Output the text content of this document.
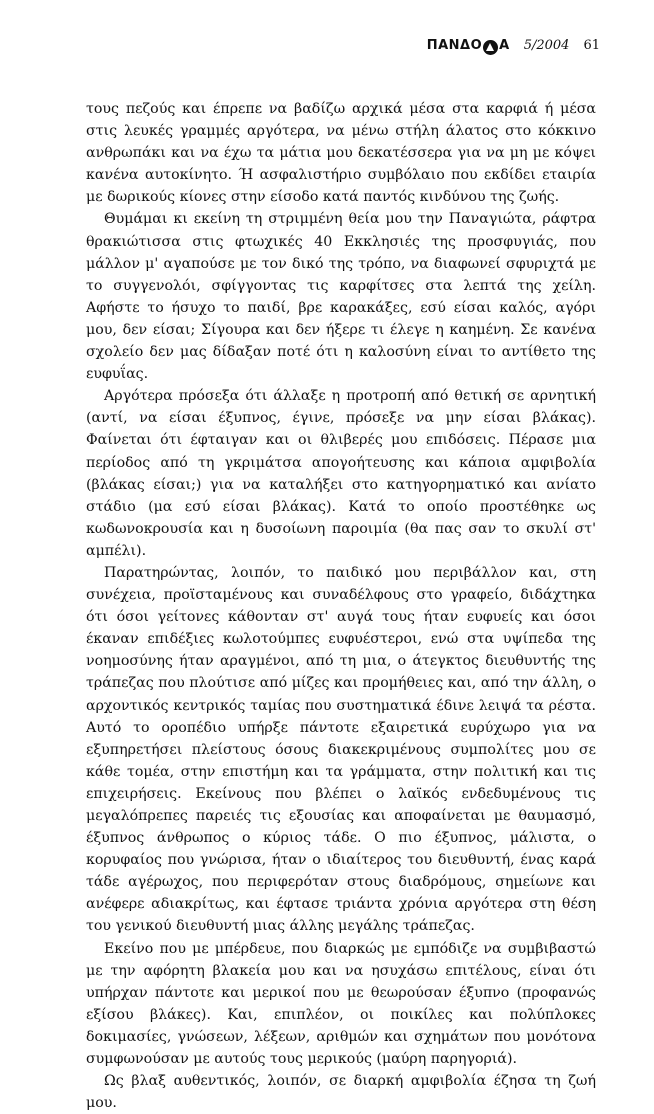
ΠΑΝΔΟ Α 5/2004 61

τους πεζούς και έπρεπε να βαδίζω αρχικά μέσα στα καρφιά ή μέσα στις λευκές γραμμές αργότερα, να μένω στήλη άλατος στο κόκκινο ανθρωπάκι και να έχω τα μάτια μου δεκατέσσερα για να μη με κόψει κανένα αυτοκίνητο. Ή ασφαλιστήριο συμβόλαιο που εκδίδει εταιρία με δωρικούς κίονες στην είσοδο κατά παντός κινδύνου της ζωής.

Θυμάμαι κι εκείνη τη στριμμένη θεία μου την Παναγιώτα, ράφτρα θρακιώτισσα στις φτωχικές 40 Εκκλησιές της προσφυγιάς, που μάλλον μ' αγαπούσε με τον δικό της τρόπο, να διαφωνεί σφυριχτά με το συγγενολόι, σφίγγοντας τις καρφίτσες στα λεπτά της χείλη. Αφήστε το ήσυχο το παιδί, βρε καρακάξες, εσύ είσαι καλός, αγόρι μου, δεν είσαι; Σίγουρα και δεν ήξερε τι έλεγε η καημένη. Σε κανένα σχολείο δεν μας δίδαξαν ποτέ ότι η καλοσύνη είναι το αντίθετο της ευφυΐας.

Αργότερα πρόσεξα ότι άλλαξε η προτροπή από θετική σε αρνητική (αντί, να είσαι έξυπνος, έγινε, πρόσεξε να μην είσαι βλάκας). Φαίνεται ότι έφταιγαν και οι θλιβερές μου επιδόσεις. Πέρασε μια περίοδος από τη γκριμάτσα απογοήτευσης και κάποια αμφιβολία (βλάκας είσαι;) για να καταλήξει στο κατηγορηματικό και ανίατο στάδιο (μα εσύ είσαι βλάκας). Κατά το οποίο προστέθηκε ως κωδωνοκρουσία και η δυσοίωνη παροιμία (θα πας σαν το σκυλί στ' αμπέλι).

Παρατηρώντας, λοιπόν, το παιδικό μου περιβάλλον και, στη συνέχεια, προϊσταμένους και συναδέλφους στο γραφείο, διδάχτηκα ότι όσοι γείτονες κάθονταν στ' αυγά τους ήταν ευφυείς και όσοι έκαναν επιδέξιες κωλοτούμπες ευφυέστεροι, ενώ στα υψίπεδα της νοημοσύνης ήταν αραγμένοι, από τη μια, ο άτεγκτος διευθυντής της τράπεζας που πλούτισε από μίζες και προμήθειες και, από την άλλη, ο αρχοντικός κεντρικός ταμίας που συστηματικά έδινε λειψά τα ρέστα. Αυτό το οροπέδιο υπήρξε πάντοτε εξαιρετικά ευρύχωρο για να εξυπηρετήσει πλείστους όσους διακεκριμένους συμπολίτες μου σε κάθε τομέα, στην επιστήμη και τα γράμματα, στην πολιτική και τις επιχειρήσεις. Εκείνους που βλέπει ο λαϊκός ενδεδυμένους τις μεγαλόπρεπες παρειές τις εξουσίας και αποφαίνεται με θαυμασμό, έξυπνος άνθρωπος ο κύριος τάδε. Ο πιο έξυπνος, μάλιστα, ο κορυφαίος που γνώρισα, ήταν ο ιδιαίτερος του διευθυντή, ένας καρά τάδε αγέρωχος, που περιφερόταν στους διαδρόμους, σημείωνε και ανέφερε αδιακρίτως, και έφτασε τριάντα χρόνια αργότερα στη θέση του γενικού διευθυντή μιας άλλης μεγάλης τράπεζας.

Εκείνο που με μπέρδευε, που διαρκώς με εμπόδιζε να συμβιβαστώ με την αφόρητη βλακεία μου και να ησυχάσω επιτέλους, είναι ότι υπήρχαν πάντοτε και μερικοί που με θεωρούσαν έξυπνο (προφανώς εξίσου βλάκες). Και, επιπλέον, οι ποικίλες και πολύπλοκες δοκιμασίες, γνώσεων, λέξεων, αριθμών και σχημάτων που μονότονα συμφωνούσαν με αυτούς τους μερικούς (μαύρη παρηγοριά).

Ως βλαξ αυθεντικός, λοιπόν, σε διαρκή αμφιβολία έζησα τη ζωή μου.
